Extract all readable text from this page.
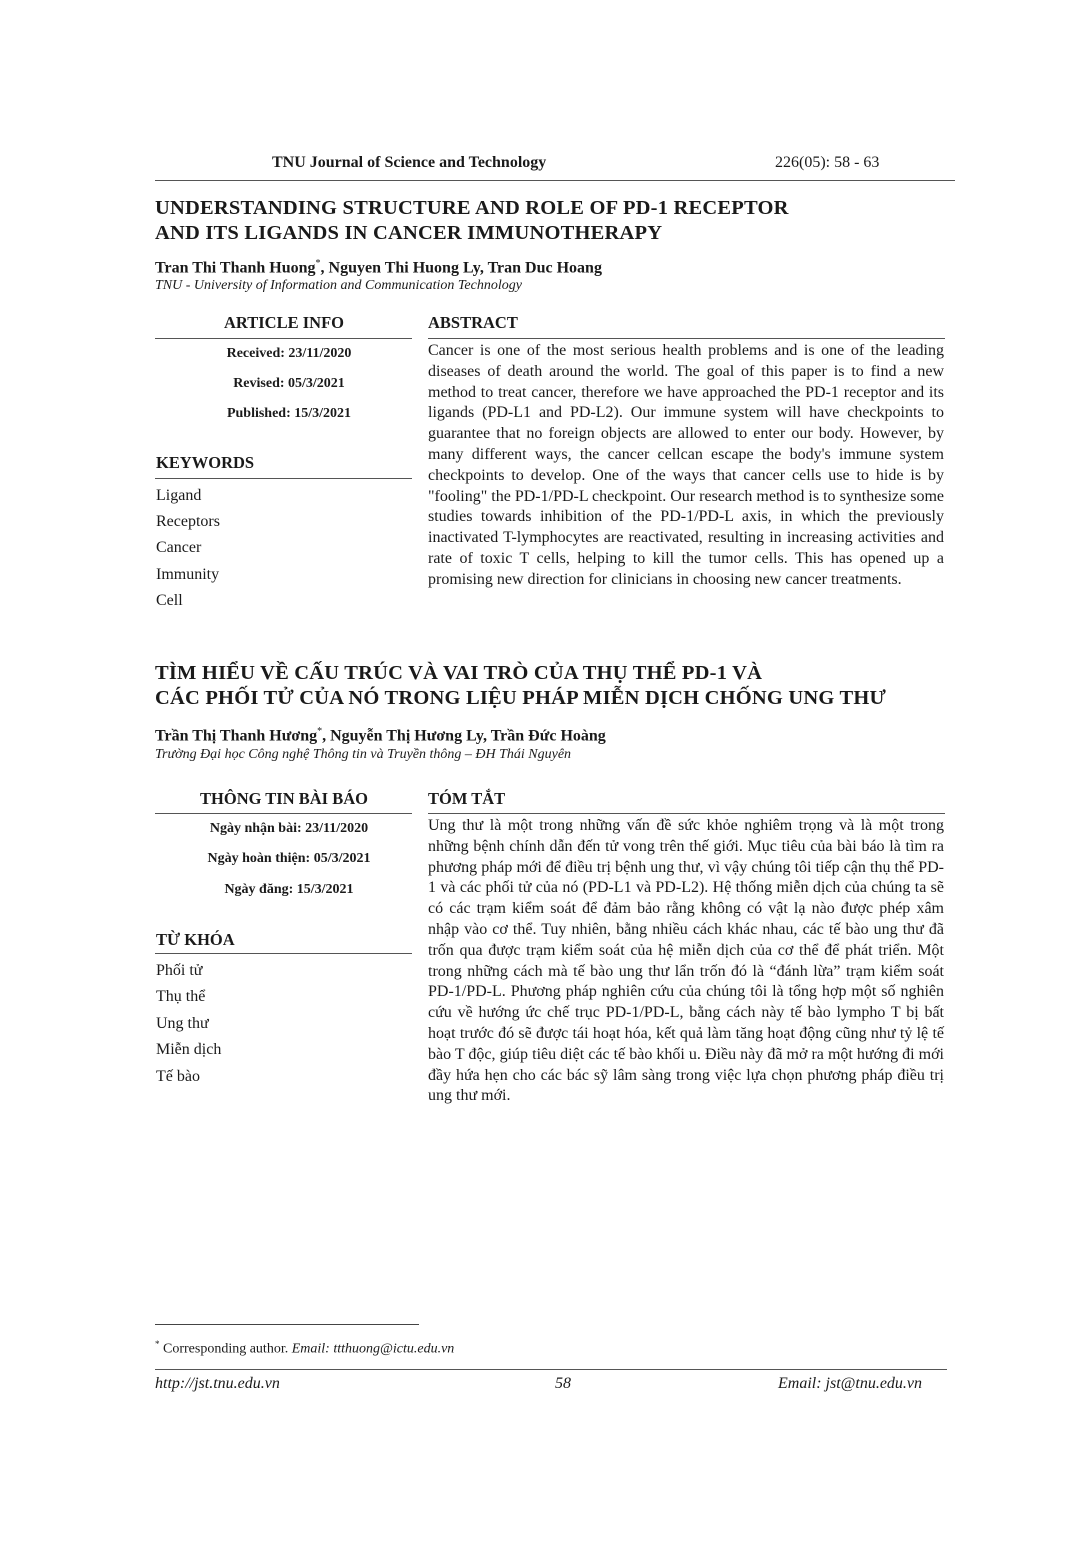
TNU Journal of Science and Technology	226(05): 58 - 63
UNDERSTANDING STRUCTURE AND ROLE OF PD-1 RECEPTOR
AND ITS LIGANDS IN CANCER IMMUNOTHERAPY
Tran Thi Thanh Huong*, Nguyen Thi Huong Ly, Tran Duc Hoang
TNU - University of Information and Communication Technology
ARTICLE INFO	ABSTRACT
Received: 23/11/2020
Revised: 05/3/2021
Published: 15/3/2021
KEYWORDS
Ligand
Receptors
Cancer
Immunity
Cell
Cancer is one of the most serious health problems and is one of the leading diseases of death around the world. The goal of this paper is to find a new method to treat cancer, therefore we have approached the PD-1 receptor and its ligands (PD-L1 and PD-L2). Our immune system will have checkpoints to guarantee that no foreign objects are allowed to enter our body. However, by many different ways, the cancer cellcan escape the body's immune system checkpoints to develop. One of the ways that cancer cells use to hide is by "fooling" the PD-1/PD-L checkpoint. Our research method is to synthesize some studies towards inhibition of the PD-1/PD-L axis, in which the previously inactivated T-lymphocytes are reactivated, resulting in increasing activities and rate of toxic T cells, helping to kill the tumor cells. This has opened up a promising new direction for clinicians in choosing new cancer treatments.
TÌM HIỂU VỀ CẤU TRÚC VÀ VAI TRÒ CỦA THỤ THỂ PD-1 VÀ
CÁC PHỐI TỬ CỦA NÓ TRONG LIỆU PHÁP MIỄN DỊCH CHỐNG UNG THƯ
Trần Thị Thanh Hương*, Nguyễn Thị Hương Ly, Trần Đức Hoàng
Trường Đại học Công nghệ Thông tin và Truyền thông – ĐH Thái Nguyên
THÔNG TIN BÀI BÁO	TÓM TẮT
Ngày nhận bài: 23/11/2020
Ngày hoàn thiện: 05/3/2021
Ngày đăng: 15/3/2021
TỪ KHÓA
Phối tử
Thụ thể
Ung thư
Miễn dịch
Tế bào
Ung thư là một trong những vấn đề sức khỏe nghiêm trọng và là một trong những bệnh chính dẫn đến tử vong trên thế giới. Mục tiêu của bài báo là tìm ra phương pháp mới để điều trị bệnh ung thư, vì vậy chúng tôi tiếp cận thụ thể PD-1 và các phối tử của nó (PD-L1 và PD-L2). Hệ thống miễn dịch của chúng ta sẽ có các trạm kiểm soát để đảm bảo rằng không có vật lạ nào được phép xâm nhập vào cơ thể. Tuy nhiên, bằng nhiều cách khác nhau, các tế bào ung thư đã trốn qua được trạm kiểm soát của hệ miễn dịch của cơ thể để phát triển. Một trong những cách mà tế bào ung thư lẩn trốn đó là “đánh lừa” trạm kiểm soát PD-1/PD-L. Phương pháp nghiên cứu của chúng tôi là tổng hợp một số nghiên cứu về hướng ức chế trục PD-1/PD-L, bằng cách này tế bào lympho T bị bất hoạt trước đó sẽ được tái hoạt hóa, kết quả làm tăng hoạt động cũng như tỷ lệ tế bào T độc, giúp tiêu diệt các tế bào khối u. Điều này đã mở ra một hướng đi mới đầy hứa hẹn cho các bác sỹ lâm sàng trong việc lựa chọn phương pháp điều trị ung thư mới.
* Corresponding author. Email: ttthuong@ictu.edu.vn
http://jst.tnu.edu.vn	58	Email: jst@tnu.edu.vn
